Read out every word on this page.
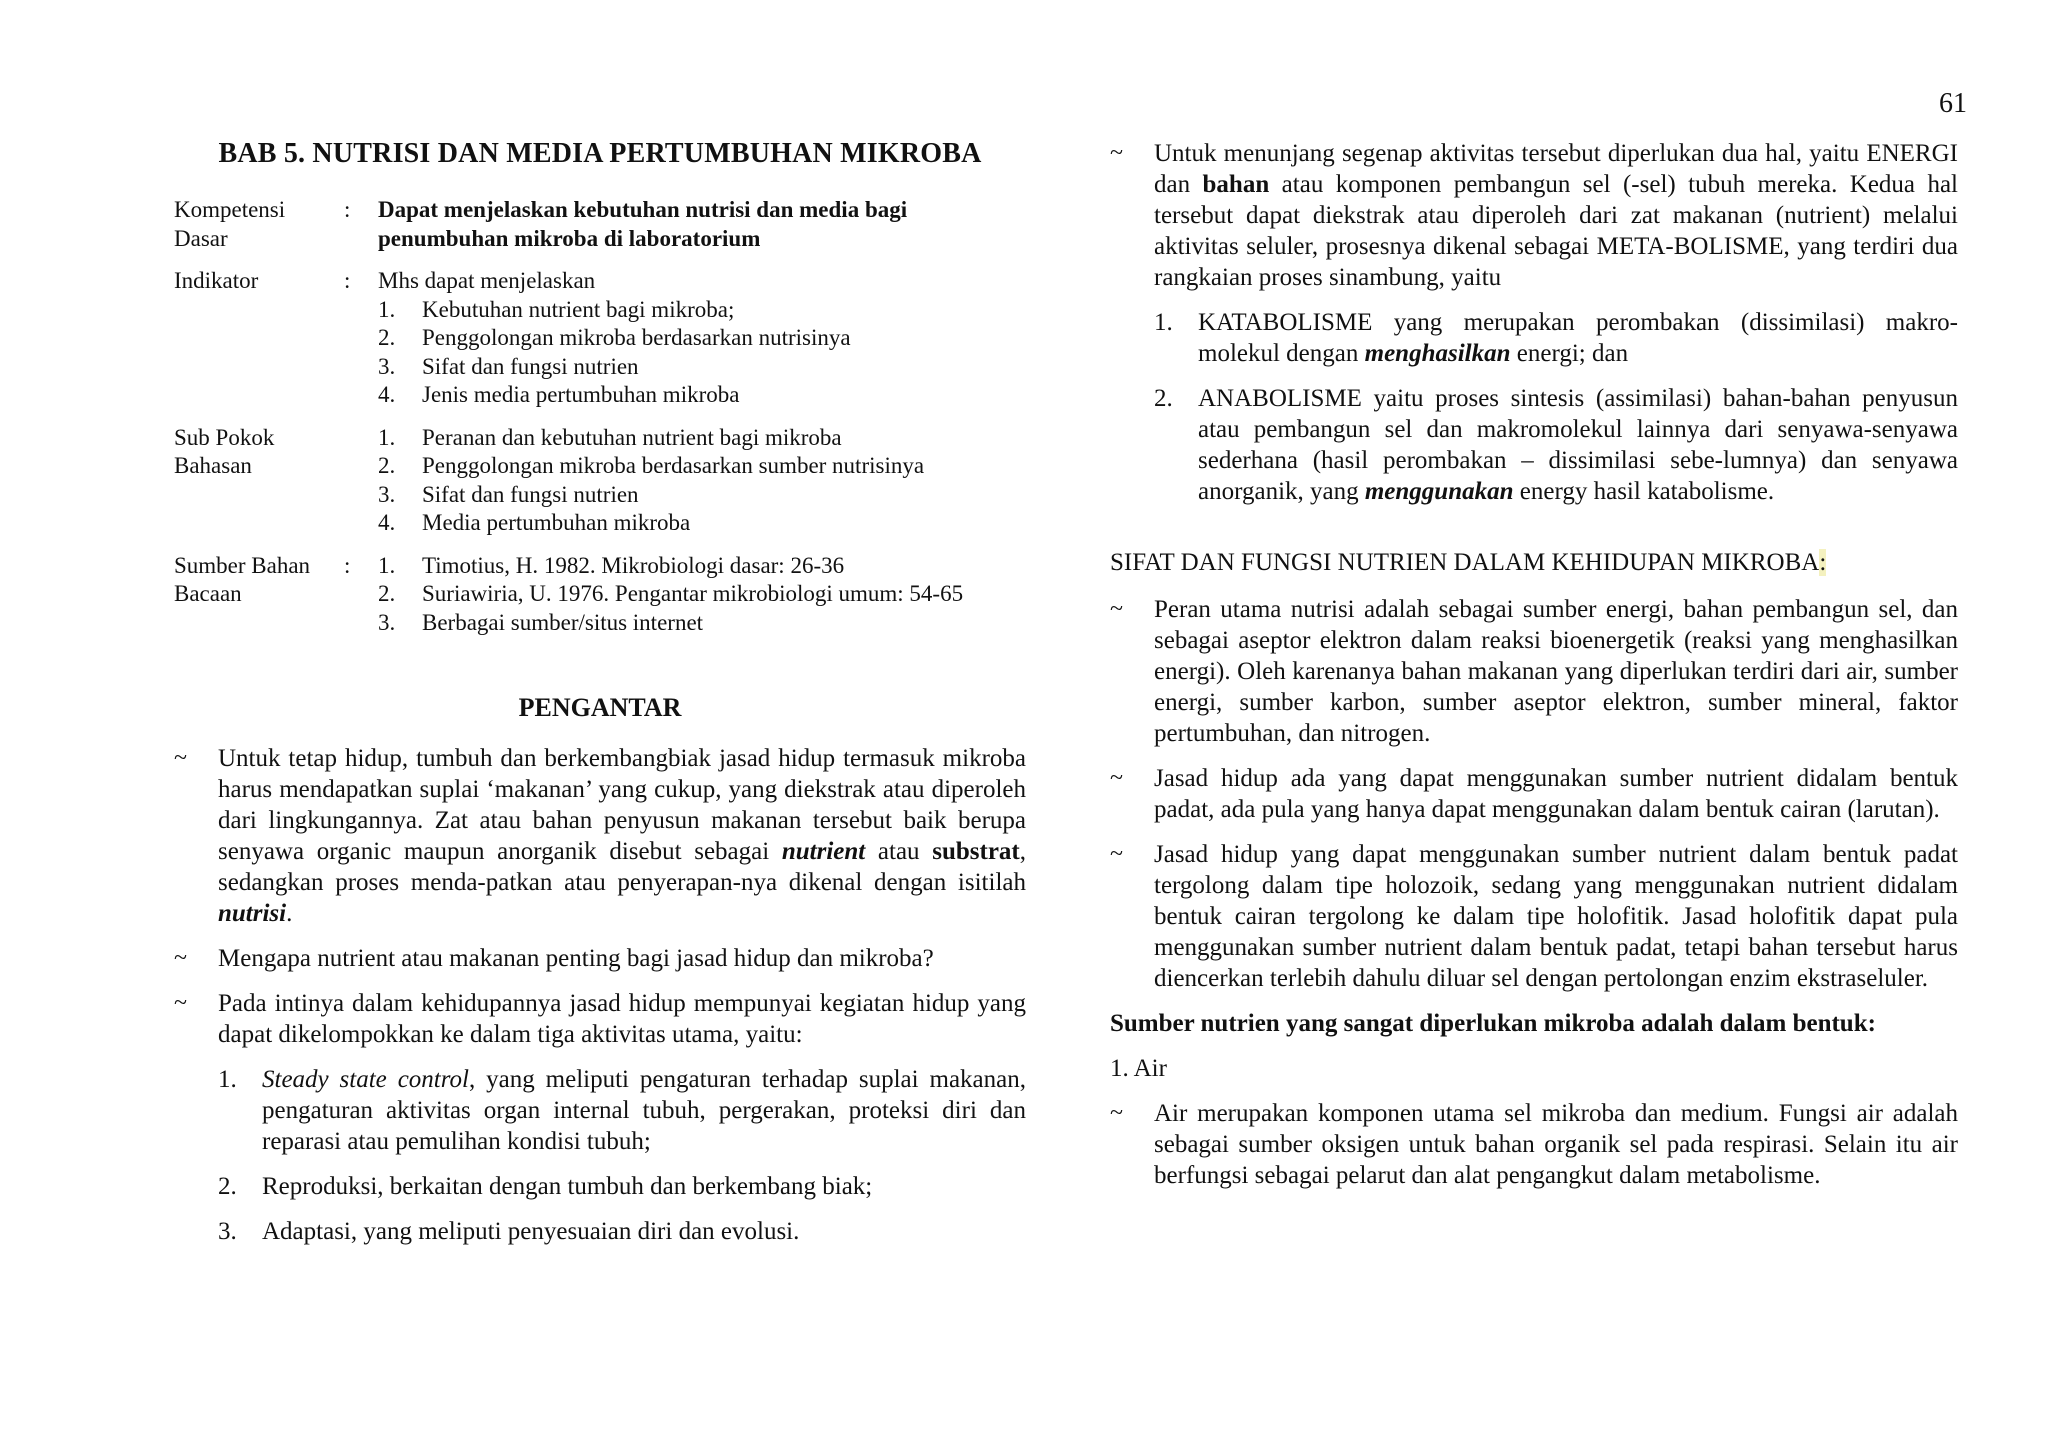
61
BAB 5. NUTRISI DAN MEDIA PERTUMBUHAN MIKROBA
Kompetensi	:	Dapat menjelaskan kebutuhan nutrisi dan media bagi
Dasar	penumbuhan mikroba di laboratorium
Indikator	:	Mhs dapat menjelaskan
1.	Kebutuhan nutrient bagi mikroba;
2.	Penggolongan mikroba berdasarkan nutrisinya
3.	Sifat dan fungsi nutrien
4.	Jenis media pertumbuhan mikroba
Sub Pokok
Bahasan
1.	Peranan dan kebutuhan nutrient bagi mikroba
2.	Penggolongan mikroba berdasarkan sumber nutrisinya
3.	Sifat dan fungsi nutrien
4.	Media pertumbuhan mikroba
Sumber Bahan
Bacaan
:	1.	Timotius, H. 1982. Mikrobiologi dasar: 26-36
2.	Suriawiria, U. 1976. Pengantar mikrobiologi umum: 54-65
3.	Berbagai sumber/situs internet
PENGANTAR
~	Untuk tetap hidup, tumbuh dan berkembangbiak jasad hidup termasuk mikroba harus mendapatkan suplai ‘makanan’ yang cukup, yang diekstrak atau diperoleh dari lingkungannya. Zat atau bahan penyusun makanan tersebut baik berupa senyawa organic maupun anorganik disebut sebagai nutrient atau substrat, sedangkan proses menda-patkan atau penyerapan-nya dikenal dengan isitilah nutrisi.
~	Mengapa nutrient atau makanan penting bagi jasad hidup dan mikroba?
~	Pada intinya dalam kehidupannya jasad hidup mempunyai kegiatan hidup yang dapat dikelompokkan ke dalam tiga aktivitas utama, yaitu:
1.	Steady state control, yang meliputi pengaturan terhadap suplai makanan, pengaturan aktivitas organ internal tubuh, pergerakan, proteksi diri dan reparasi atau pemulihan kondisi tubuh;
2.	Reproduksi, berkaitan dengan tumbuh dan berkembang biak;
3.	Adaptasi, yang meliputi penyesuaian diri dan evolusi.
~	Untuk menunjang segenap aktivitas tersebut diperlukan dua hal, yaitu ENERGI dan bahan atau komponen pembangun sel (-sel) tubuh mereka. Kedua hal tersebut dapat diekstrak atau diperoleh dari zat makanan (nutrient) melalui aktivitas seluler, prosesnya dikenal sebagai META-BOLISME, yang terdiri dua rangkaian proses sinambung, yaitu
1.	KATABOLISME yang merupakan perombakan (dissimilasi) makro-molekul dengan menghasilkan energi; dan
2.	ANABOLISME yaitu proses sintesis (assimilasi) bahan-bahan penyusun atau pembangun sel dan makromolekul lainnya dari senyawa-senyawa sederhana (hasil perombakan – dissimilasi sebe-lumnya) dan senyawa anorganik, yang menggunakan energy hasil katabolisme.
SIFAT DAN FUNGSI NUTRIEN DALAM KEHIDUPAN MIKROBA:
~	Peran utama nutrisi adalah sebagai sumber energi, bahan pembangun sel, dan sebagai aseptor elektron dalam reaksi bioenergetik (reaksi yang menghasilkan energi). Oleh karenanya bahan makanan yang diperlukan terdiri dari air, sumber energi, sumber karbon, sumber aseptor elektron, sumber mineral, faktor pertumbuhan, dan nitrogen.
~	Jasad hidup ada yang dapat menggunakan sumber nutrient didalam bentuk padat, ada pula yang hanya dapat menggunakan dalam bentuk cairan (larutan).
~	Jasad hidup yang dapat menggunakan sumber nutrient dalam bentuk padat tergolong dalam tipe holozoik, sedang yang menggunakan nutrient didalam bentuk cairan tergolong ke dalam tipe holofitik. Jasad holofitik dapat pula menggunakan sumber nutrient dalam bentuk padat, tetapi bahan tersebut harus diencerkan terlebih dahulu diluar sel dengan pertolongan enzim ekstraseluler.
Sumber nutrien yang sangat diperlukan mikroba adalah dalam bentuk:
1. Air
~	Air merupakan komponen utama sel mikroba dan medium. Fungsi air adalah sebagai sumber oksigen untuk bahan organik sel pada respirasi. Selain itu air berfungsi sebagai pelarut dan alat pengangkut dalam metabolisme.
